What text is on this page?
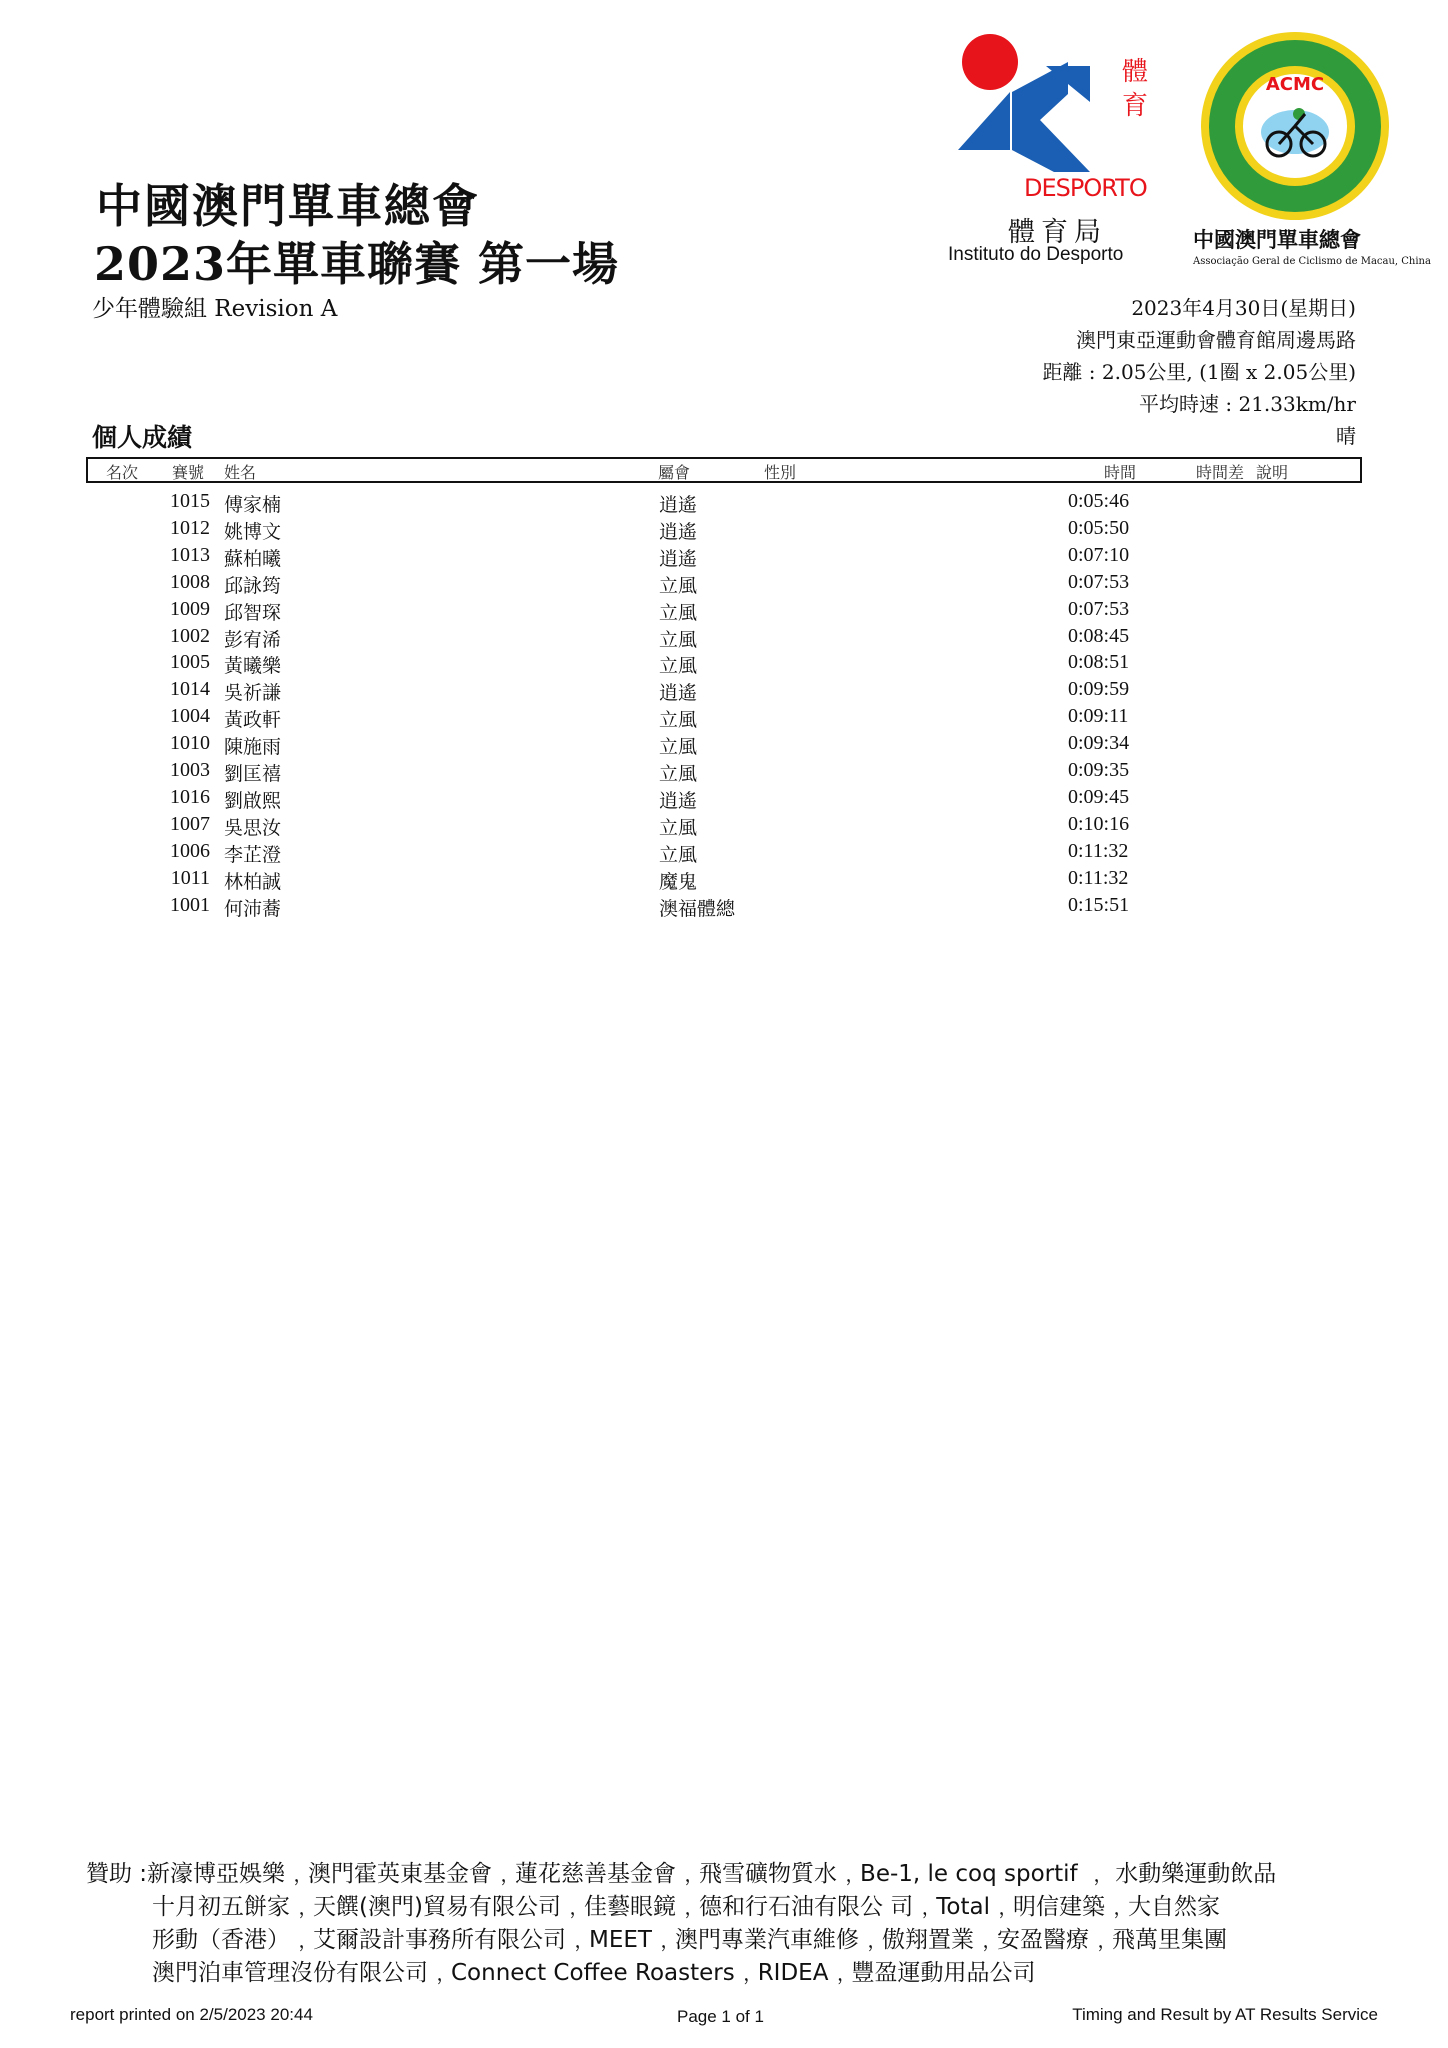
中國澳門單車總會
2023年單車聯賽 第一場
少年體驗組 Revision A
體
育
DESPORTO
體育局
Instituto do Desporto
ACMC
中國澳門單車總會
Associação Geral de Ciclismo de Macau, China
2023年4月30日(星期日)
澳門東亞運動會體育館周邊馬路
距離 : 2.05公里, (1圈 x 2.05公里)
平均時速 : 21.33km/hr
晴
個人成績
名次 賽號 姓名	屬會	性別	時間	時間差 說明
1015 傅家楠	逍遙	0:05:46
1012 姚博文	逍遙	0:05:50
1013 蘇柏曦	逍遙	0:07:10
1008 邱詠筠	立風	0:07:53
1009 邱智琛	立風	0:07:53
1002 彭宥浠	立風	0:08:45
1005 黃曦樂	立風	0:08:51
1014 吳祈謙	逍遙	0:09:59
1004 黃政軒	立風	0:09:11
1010 陳施雨	立風	0:09:34
1003 劉匡禧	立風	0:09:35
1016 劉啟熙	逍遙	0:09:45
1007 吳思汝	立風	0:10:16
1006 李芷澄	立風	0:11:32
1011 林柏誠	魔鬼	0:11:32
1001 何沛蕎	澳福體總	0:15:51
贊助 :新濠博亞娛樂﹐澳門霍英東基金會﹐蓮花慈善基金會﹐飛雪礦物質水﹐Be-1, le coq sportif ﹐ 水動樂運動飲品
十月初五餅家﹐天饌(澳門)貿易有限公司﹐佳藝眼鏡﹐德和行石油有限公 司﹐Total﹐明信建築﹐大自然家
形動（香港）﹐艾爾設計事務所有限公司﹐MEET﹐澳門專業汽車維修﹐傲翔置業﹐安盈醫療﹐飛萬里集團
澳門泊車管理沒份有限公司﹐Connect Coffee Roasters﹐RIDEA﹐豐盈運動用品公司
report printed on 2/5/2023 20:44	Page 1 of 1	Timing and Result by AT Results Service
